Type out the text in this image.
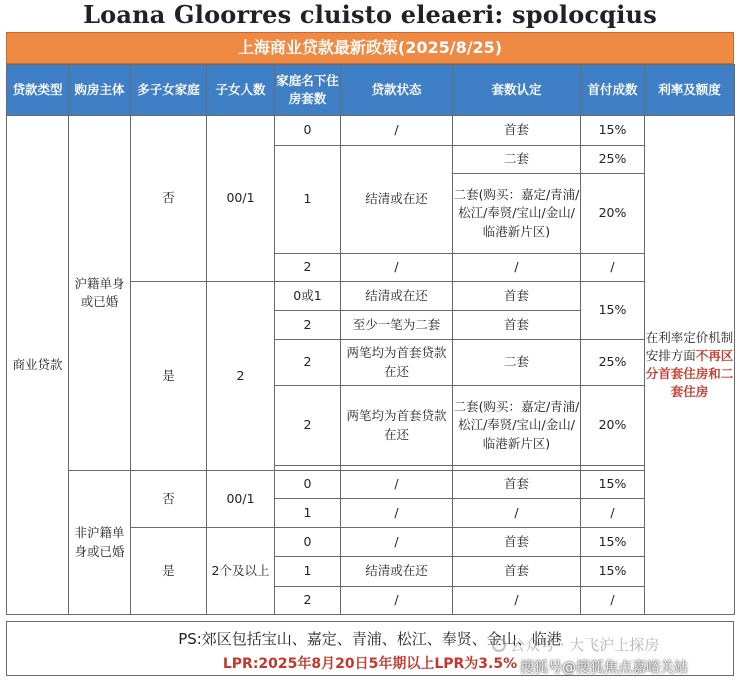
Loana Gloorres cluisto eleaeri: spolocqius
上海商业贷款最新政策(2025/8/25)
贷款类型	购房主体	多子女家庭	子女人数	家庭名下住房套数	贷款状态	套数认定	首付成数	利率及额度
商业贷款	沪籍单身或已婚	否	00/1	0	/	首套	15%	在利率定价机制安排方面不再区分首套住房和二套住房
				1	结清或在还	二套	25%	
						二套(购买：嘉定/青浦/松江/奉贤/宝山/金山/临港新片区)	20%	
				2	/	/	/	
		是	2	0或1	结清或在还	首套	15%	
				2	至少一笔为二套	首套		
				2	两笔均为首套贷款在还	二套	25%	
				2	两笔均为首套贷款在还	二套(购买：嘉定/青浦/松江/奉贤/宝山/金山/临港新片区)	20%	

	非沪籍单身或已婚	否	00/1	0	/	首套	15%	
				1	/	/	/	
		是	2个及以上	0	/	首套	15%	
				1	结清或在还	首套	15%	
				2	/	/	/	
PS:郊区包括宝山、嘉定、青浦、松江、奉贤、金山、临港
LPR:2025年8月20日5年期以上LPR为3.5%
公众号 · 大飞沪上探房
搜狐号@搜狐焦点嘉峪关站
